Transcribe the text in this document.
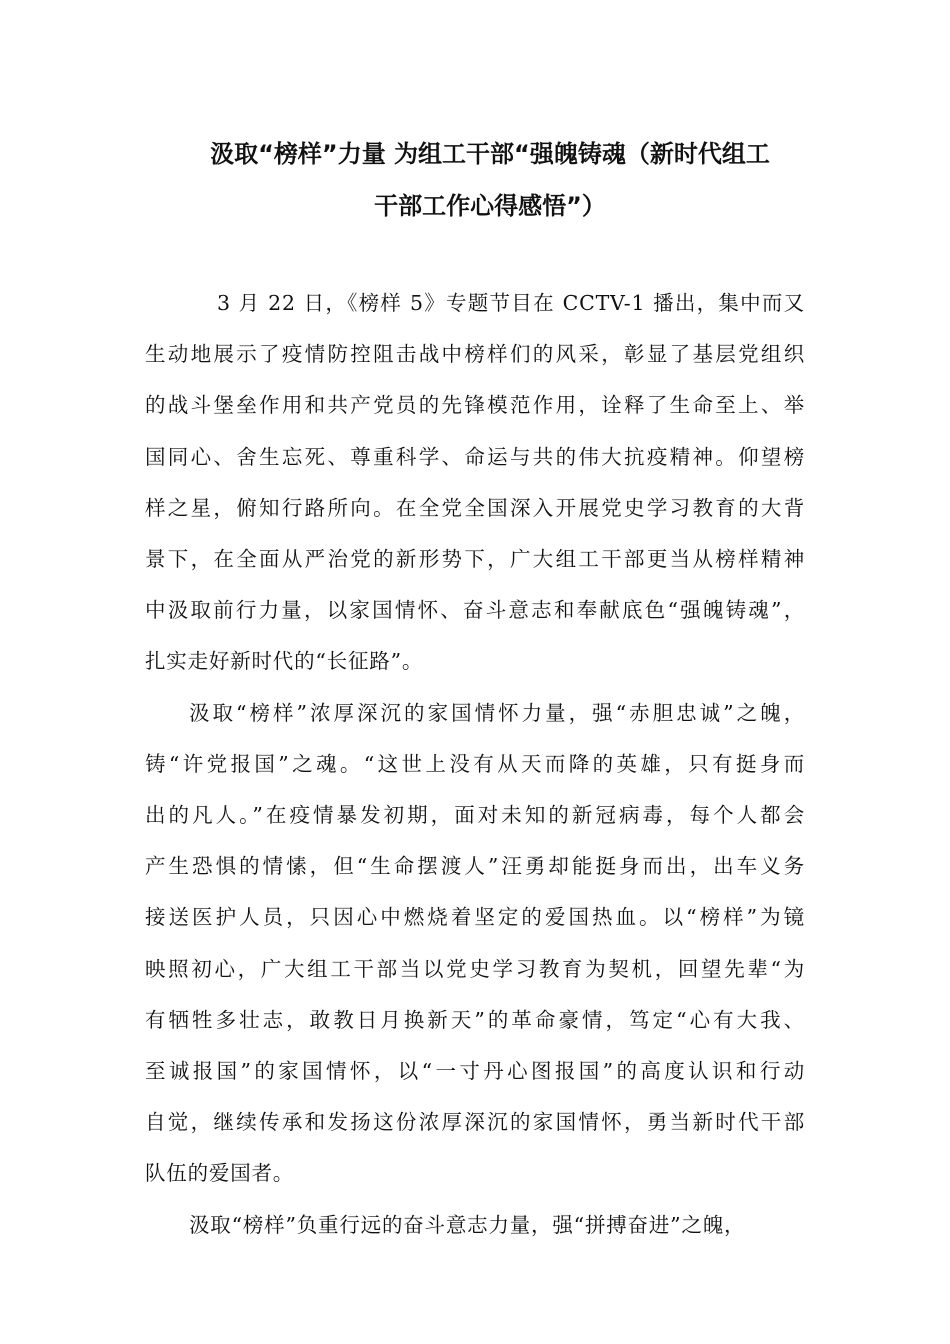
汲取“榜样”力量 为组工干部“强魄铸魂（新时代组工
干部工作心得感悟”）

3 月 22 日，《榜样 5》专题节目在 CCTV-1 播出，集中而又
生动地展示了疫情防控阻击战中榜样们的风采，彰显了基层党组织
的战斗堡垒作用和共产党员的先锋模范作用，诠释了生命至上、举
国同心、舍生忘死、尊重科学、命运与共的伟大抗疫精神。仰望榜
样之星，俯知行路所向。在全党全国深入开展党史学习教育的大背
景下，在全面从严治党的新形势下，广大组工干部更当从榜样精神
中汲取前行力量，以家国情怀、奋斗意志和奉献底色“强魄铸魂”，
扎实走好新时代的“长征路”。

汲取“榜样”浓厚深沉的家国情怀力量，强“赤胆忠诚”之魄，
铸“许党报国”之魂。“这世上没有从天而降的英雄，只有挺身而
出的凡人。”在疫情暴发初期，面对未知的新冠病毒，每个人都会
产生恐惧的情愫，但“生命摆渡人”汪勇却能挺身而出，出车义务
接送医护人员，只因心中燃烧着坚定的爱国热血。以“榜样”为镜
映照初心，广大组工干部当以党史学习教育为契机，回望先辈“为
有牺牲多壮志，敢教日月换新天”的革命豪情，笃定“心有大我、
至诚报国”的家国情怀，以“一寸丹心图报国”的高度认识和行动
自觉，继续传承和发扬这份浓厚深沉的家国情怀，勇当新时代干部
队伍的爱国者。

汲取“榜样”负重行远的奋斗意志力量，强“拼搏奋进”之魄，
